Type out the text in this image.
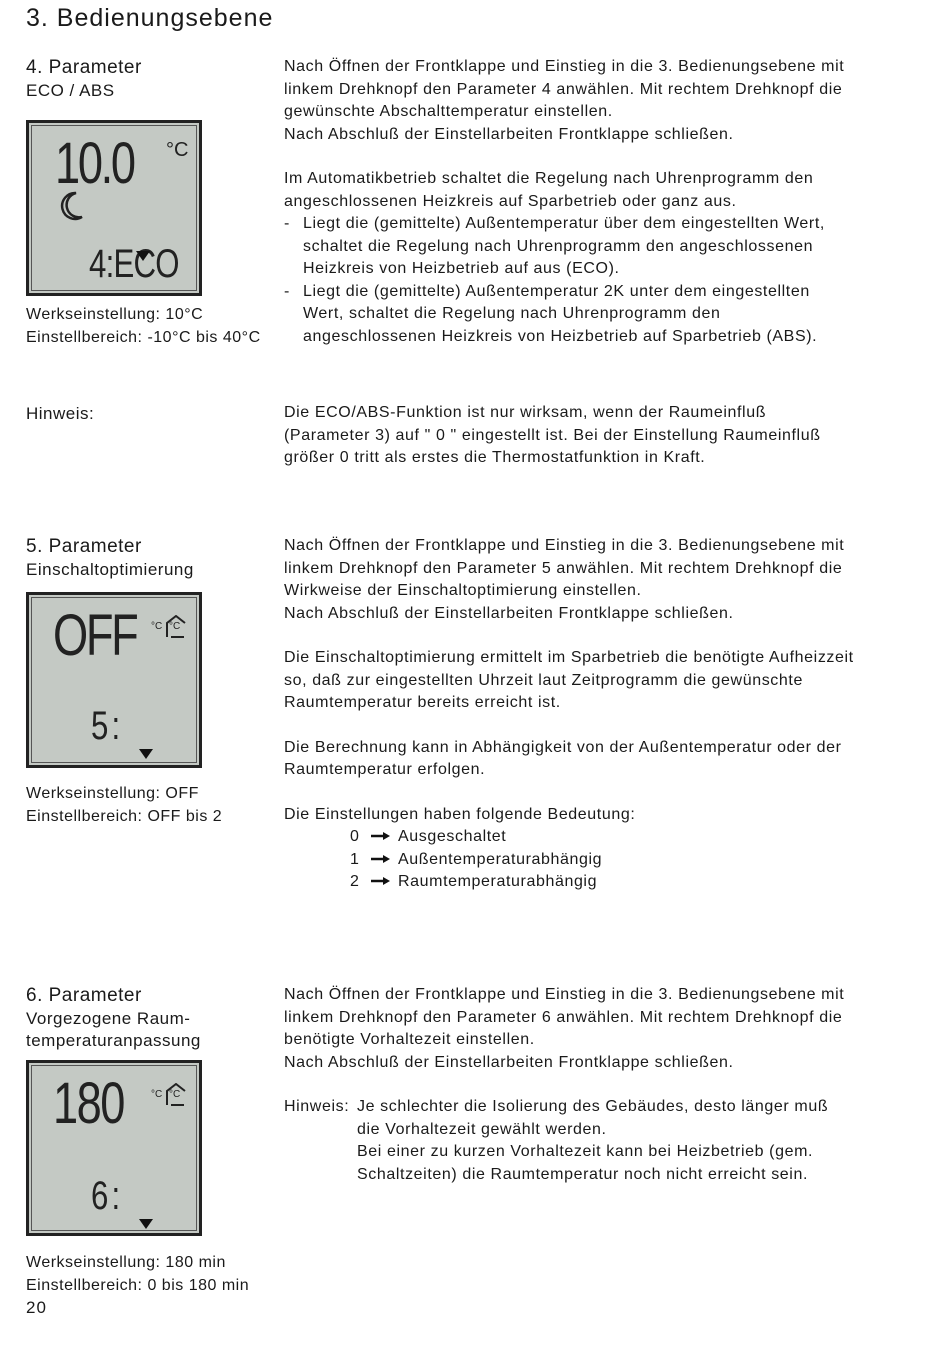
3. Bedienungsebene
4. Parameter
ECO / ABS
10.0 °C
4:ECO
Werkseinstellung: 10°C
Einstellbereich: -10°C bis 40°C

Nach Öffnen der Frontklappe und Einstieg in die 3. Bedienungsebene mit linkem Drehknopf den Parameter 4 anwählen. Mit rechtem Drehknopf die gewünschte Abschalttemperatur einstellen.

Nach Abschluß der Einstellarbeiten Frontklappe schließen.

Im Automatikbetrieb schaltet die Regelung nach Uhrenprogramm den angeschlossenen Heizkreis auf Sparbetrieb oder ganz aus.

- Liegt die (gemittelte) Außentemperatur über dem eingestellten Wert, schaltet die Regelung nach Uhrenprogramm den angeschlossenen Heizkreis von Heizbetrieb auf aus (ECO).
- Liegt die (gemittelte) Außentemperatur 2K unter dem eingestellten Wert, schaltet die Regelung nach Uhrenprogramm den angeschlossenen Heizkreis von Heizbetrieb auf Sparbetrieb (ABS).
Hinweis:	Die ECO/ABS-Funktion ist nur wirksam, wenn der Raumeinfluß (Parameter 3) auf " 0 " eingestellt ist. Bei der Einstellung Raumeinfluß größer 0 tritt als erstes die Thermostatfunktion in Kraft.
5. Parameter
Einschaltoptimierung
OFF °C °C
5:
Werkseinstellung: OFF
Einstellbereich: OFF bis 2

Nach Öffnen der Frontklappe und Einstieg in die 3. Bedienungsebene mit linkem Drehknopf den Parameter 5 anwählen. Mit rechtem Drehknopf die Wirkweise der Einschaltoptimierung einstellen.

Nach Abschluß der Einstellarbeiten Frontklappe schließen.

Die Einschaltoptimierung ermittelt im Sparbetrieb die benötigte Aufheizzeit so, daß zur eingestellten Uhrzeit laut Zeitprogramm die gewünschte Raumtemperatur bereits erreicht ist.

Die Berechnung kann in Abhängigkeit von der Außentemperatur oder der Raumtemperatur erfolgen.

Die Einstellungen haben folgende Bedeutung:

0	Ausgeschaltet
1	Außentemperaturabhängig
2	Raumtemperaturabhängig
6. Parameter
Vorgezogene Raum-
temperaturanpassung
180	°C °C
6:
Werkseinstellung: 180 min
Einstellbereich: 0 bis 180 min

Nach Öffnen der Frontklappe und Einstieg in die 3. Bedienungsebene mit linkem Drehknopf den Parameter 6 anwählen. Mit rechtem Drehknopf die benötigte Vorhaltezeit einstellen.

Nach Abschluß der Einstellarbeiten Frontklappe schließen.

Hinweis: Je schlechter die Isolierung des Gebäudes, desto länger muß die Vorhaltezeit gewählt werden.
Bei einer zu kurzen Vorhaltezeit kann bei Heizbetrieb (gem. Schaltzeiten) die Raumtemperatur noch nicht erreicht sein.
20
